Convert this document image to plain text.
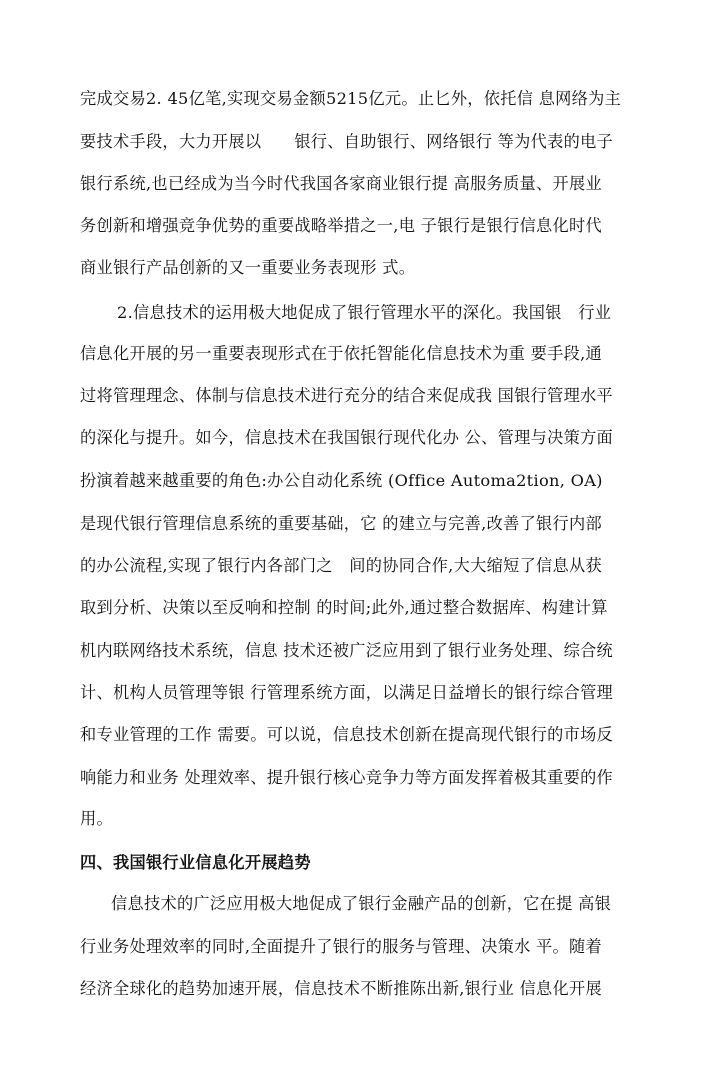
完成交易2. 45亿笔,实现交易金额5215亿元。止匕外，依托信 息网络为主
要技术手段，大力开展以　　银行、自助银行、网络银行 等为代表的电子
银行系统,也已经成为当今时代我国各家商业银行提 高服务质量、开展业
务创新和增强竞争优势的重要战略举措之一,电 子银行是银行信息化时代
商业银行产品创新的又一重要业务表现形 式。
2.信息技术的运用极大地促成了银行管理水平的深化。我国银　行业
信息化开展的另一重要表现形式在于依托智能化信息技术为重 要手段,通
过将管理理念、体制与信息技术进行充分的结合来促成我 国银行管理水平
的深化与提升。如今，信息技术在我国银行现代化办 公、管理与决策方面
扮演着越来越重要的角色:办公自动化系统 (Office Automa2tion, OA)
是现代银行管理信息系统的重要基础，它 的建立与完善,改善了银行内部
的办公流程,实现了银行内各部门之　间的协同合作,大大缩短了信息从获
取到分析、决策以至反响和控制 的时间;此外,通过整合数据库、构建计算
机内联网络技术系统，信息 技术还被广泛应用到了银行业务处理、综合统
计、机构人员管理等银 行管理系统方面，以满足日益增长的银行综合管理
和专业管理的工作 需要。可以说，信息技术创新在提高现代银行的市场反
响能力和业务 处理效率、提升银行核心竞争力等方面发挥着极其重要的作
用。
四、我国银行业信息化开展趋势
信息技术的广泛应用极大地促成了银行金融产品的创新，它在提 高银
行业务处理效率的同时,全面提升了银行的服务与管理、决策水 平。随着
经济全球化的趋势加速开展，信息技术不断推陈出新,银行业 信息化开展
